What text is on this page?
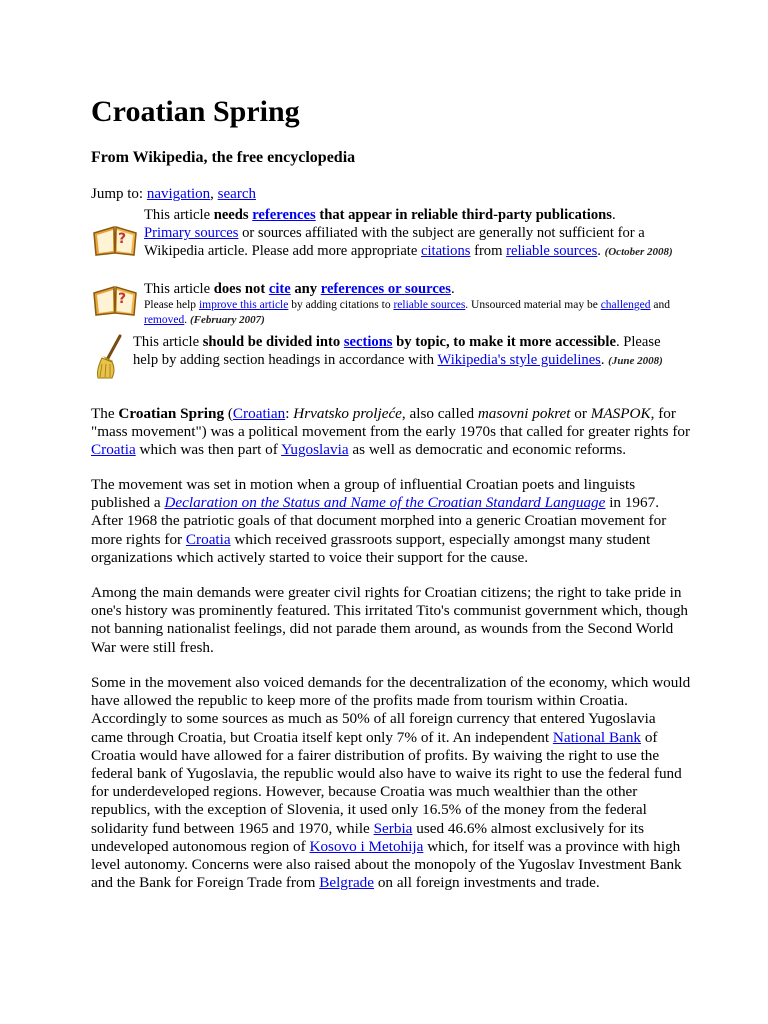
Croatian Spring
From Wikipedia, the free encyclopedia
Jump to: navigation, search
?
This article needs references that appear in reliable third-party publications.
Primary sources or sources affiliated with the subject are generally not sufficient for a Wikipedia article. Please add more appropriate citations from reliable sources. (October 2008)
?
This article does not cite any references or sources.
Please help improve this article by adding citations to reliable sources. Unsourced material may be challenged and removed. (February 2007)
This article should be divided into sections by topic, to make it more accessible. Please help by adding section headings in accordance with Wikipedia's style guidelines. (June 2008)

The Croatian Spring (Croatian: Hrvatsko proljeće, also called masovni pokret or MASPOK, for "mass movement") was a political movement from the early 1970s that called for greater rights for Croatia which was then part of Yugoslavia as well as democratic and economic reforms.

The movement was set in motion when a group of influential Croatian poets and linguists published a Declaration on the Status and Name of the Croatian Standard Language in 1967. After 1968 the patriotic goals of that document morphed into a generic Croatian movement for more rights for Croatia which received grassroots support, especially amongst many student organizations which actively started to voice their support for the cause.

Among the main demands were greater civil rights for Croatian citizens; the right to take pride in one's history was prominently featured. This irritated Tito's communist government which, though not banning nationalist feelings, did not parade them around, as wounds from the Second World War were still fresh.

Some in the movement also voiced demands for the decentralization of the economy, which would have allowed the republic to keep more of the profits made from tourism within Croatia. Accordingly to some sources as much as 50% of all foreign currency that entered Yugoslavia came through Croatia, but Croatia itself kept only 7% of it. An independent National Bank of Croatia would have allowed for a fairer distribution of profits. By waiving the right to use the federal bank of Yugoslavia, the republic would also have to waive its right to use the federal fund for underdeveloped regions. However, because Croatia was much wealthier than the other republics, with the exception of Slovenia, it used only 16.5% of the money from the federal solidarity fund between 1965 and 1970, while Serbia used 46.6% almost exclusively for its undeveloped autonomous region of Kosovo i Metohija which, for itself was a province with high level autonomy. Concerns were also raised about the monopoly of the Yugoslav Investment Bank and the Bank for Foreign Trade from Belgrade on all foreign investments and trade.
